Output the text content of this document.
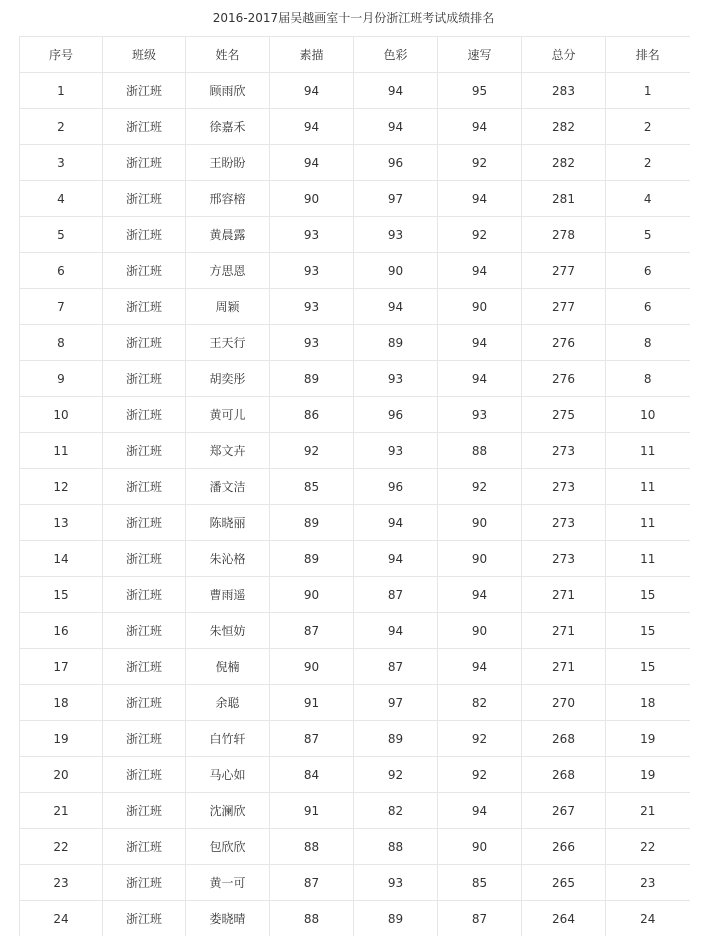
2016-2017届吴越画室十一月份浙江班考试成绩排名
序号	班级	姓名	素描	色彩	速写	总分	排名
1	浙江班	顾雨欣	94	94	95	283	1
2	浙江班	徐嘉禾	94	94	94	282	2
3	浙江班	王盼盼	94	96	92	282	2
4	浙江班	邢容榕	90	97	94	281	4
5	浙江班	黄晨露	93	93	92	278	5
6	浙江班	方思恩	93	90	94	277	6
7	浙江班	周颖	93	94	90	277	6
8	浙江班	王天行	93	89	94	276	8
9	浙江班	胡奕彤	89	93	94	276	8
10	浙江班	黄可儿	86	96	93	275	10
11	浙江班	郑文卉	92	93	88	273	11
12	浙江班	潘文洁	85	96	92	273	11
13	浙江班	陈晓丽	89	94	90	273	11
14	浙江班	朱沁格	89	94	90	273	11
15	浙江班	曹雨遥	90	87	94	271	15
16	浙江班	朱恒妨	87	94	90	271	15
17	浙江班	倪楠	90	87	94	271	15
18	浙江班	余聪	91	97	82	270	18
19	浙江班	白竹轩	87	89	92	268	19
20	浙江班	马心如	84	92	92	268	19
21	浙江班	沈澜欣	91	82	94	267	21
22	浙江班	包欣欣	88	88	90	266	22
23	浙江班	黄一可	87	93	85	265	23
24	浙江班	娄晓晴	88	89	87	264	24
